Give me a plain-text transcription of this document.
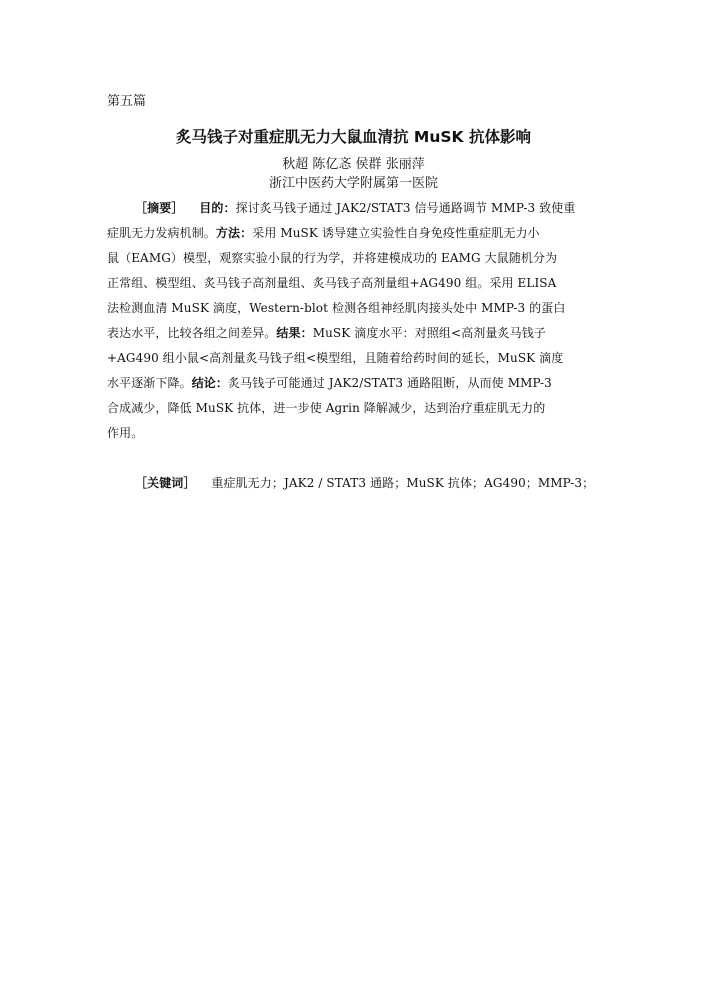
第五篇
炙马钱子对重症肌无力大鼠血清抗 MuSK 抗体影响
秋超 陈亿忞 侯群 张丽萍
浙江中医药大学附属第一医院
［摘要］ 目的：探讨炙马钱子通过 JAK2/STAT3 信号通路调节 MMP-3 致使重
症肌无力发病机制。方法：采用 MuSK 诱导建立实验性自身免疫性重症肌无力小
鼠（EAMG）模型，观察实验小鼠的行为学，并将建模成功的 EAMG 大鼠随机分为
正常组、模型组、炙马钱子高剂量组、炙马钱子高剂量组+AG490 组。采用 ELISA
法检测血清 MuSK 滴度，Western-blot 检测各组神经肌肉接头处中 MMP-3 的蛋白
表达水平，比较各组之间差异。结果：MuSK 滴度水平：对照组<高剂量炙马钱子
+AG490 组小鼠<高剂量炙马钱子组<模型组，且随着给药时间的延长，MuSK 滴度
水平逐渐下降。结论：炙马钱子可能通过 JAK2/STAT3 通路阻断，从而使 MMP-3
合成减少，降低 MuSK 抗体，进一步使 Agrin 降解减少，达到治疗重症肌无力的
作用。
［关键词］ 重症肌无力；JAK2 / STAT3 通路；MuSK 抗体；AG490；MMP-3；
